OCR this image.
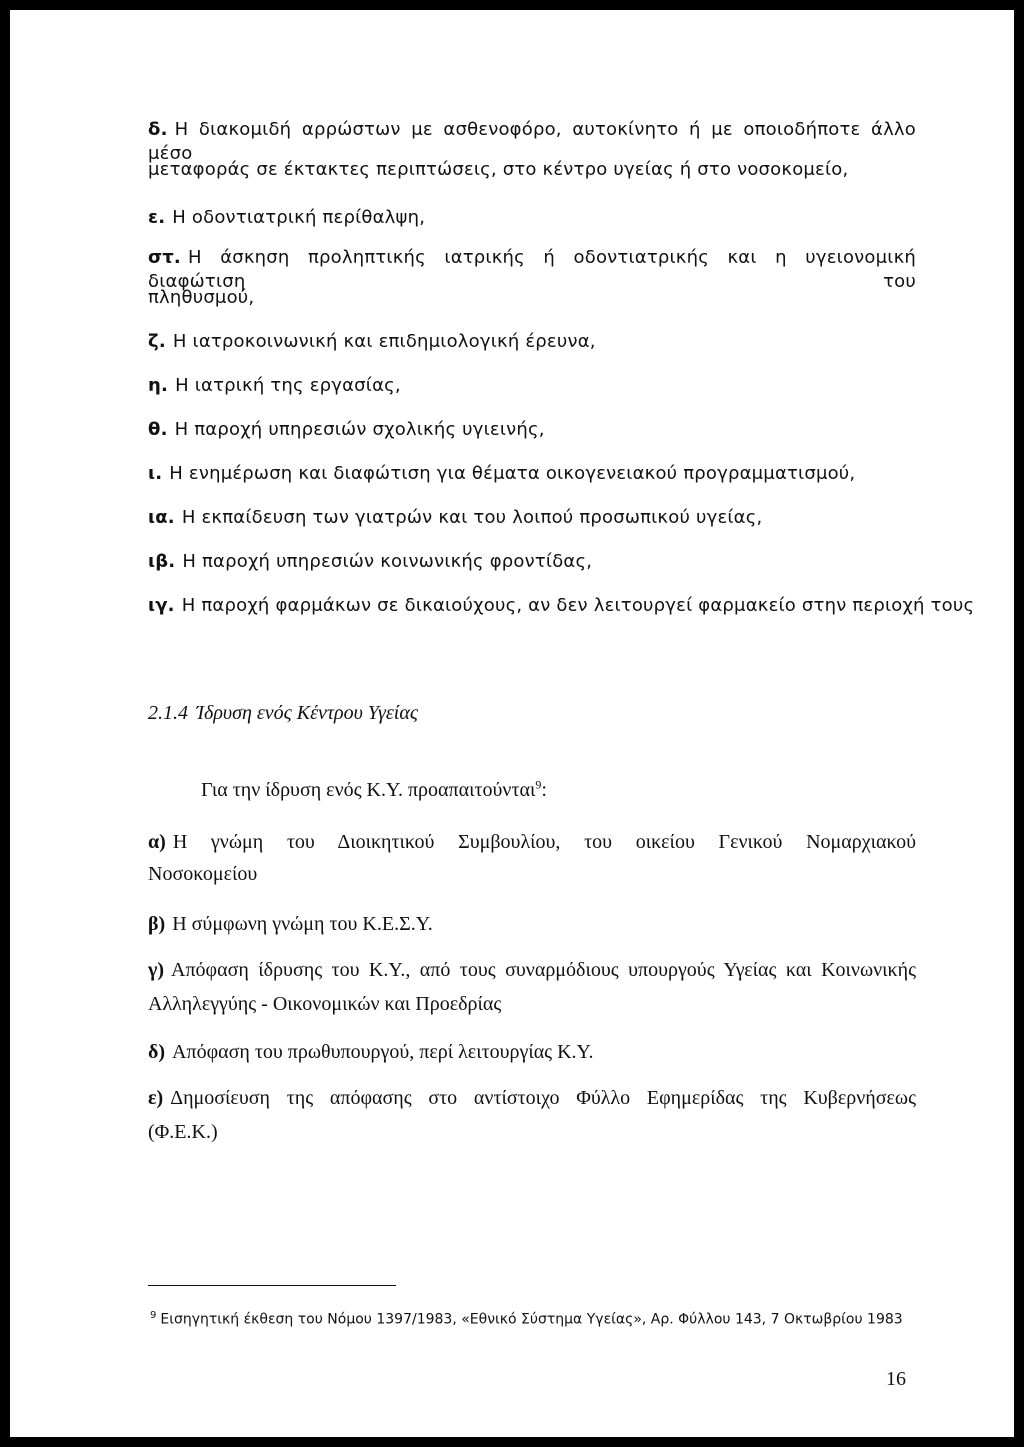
δ. Η διακομιδή αρρώστων με ασθενοφόρο, αυτοκίνητο ή με οποιοδήποτε άλλο μέσο
μεταφοράς σε έκτακτες περιπτώσεις, στο κέντρο υγείας ή στο νοσοκομείο,
ε. Η οδοντιατρική περίθαλψη,
στ. Η άσκηση προληπτικής ιατρικής ή οδοντιατρικής και η υγειονομική διαφώτιση του
πληθυσμού,
ζ. Η ιατροκοινωνική και επιδημιολογική έρευνα,
η. Η ιατρική της εργασίας,
θ. Η παροχή υπηρεσιών σχολικής υγιεινής,
ι. Η ενημέρωση και διαφώτιση για θέματα οικογενειακού προγραμματισμού,
ια. Η εκπαίδευση των γιατρών και του λοιπού προσωπικού υγείας,
ιβ. Η παροχή υπηρεσιών κοινωνικής φροντίδας,
ιγ. Η παροχή φαρμάκων σε δικαιούχους, αν δεν λειτουργεί φαρμακείο στην περιοχή τους
2.1.4 Ίδρυση ενός Κέντρου Υγείας
Για την ίδρυση ενός Κ.Υ. προαπαιτούνται$^9$:
α) Η γνώμη του Διοικητικού Συμβουλίου, του οικείου Γενικού Νομαρχιακού
Νοσοκομείου
β) Η σύμφωνη γνώμη του Κ.Ε.Σ.Υ.
γ) Απόφαση ίδρυσης του Κ.Υ., από τους συναρμόδιους υπουργούς Υγείας και Κοινωνικής
Αλληλεγγύης - Οικονομικών και Προεδρίας
δ) Απόφαση του πρωθυπουργού, περί λειτουργίας Κ.Υ.
ε) Δημοσίευση της απόφασης στο αντίστοιχο Φύλλο Εφημερίδας της Κυβερνήσεως
(Φ.Ε.Κ.)
$^9$ Εισηγητική έκθεση του Νόμου 1397/1983, «Εθνικό Σύστημα Υγείας», Αρ. Φύλλου 143, 7 Οκτωβρίου 1983
16
